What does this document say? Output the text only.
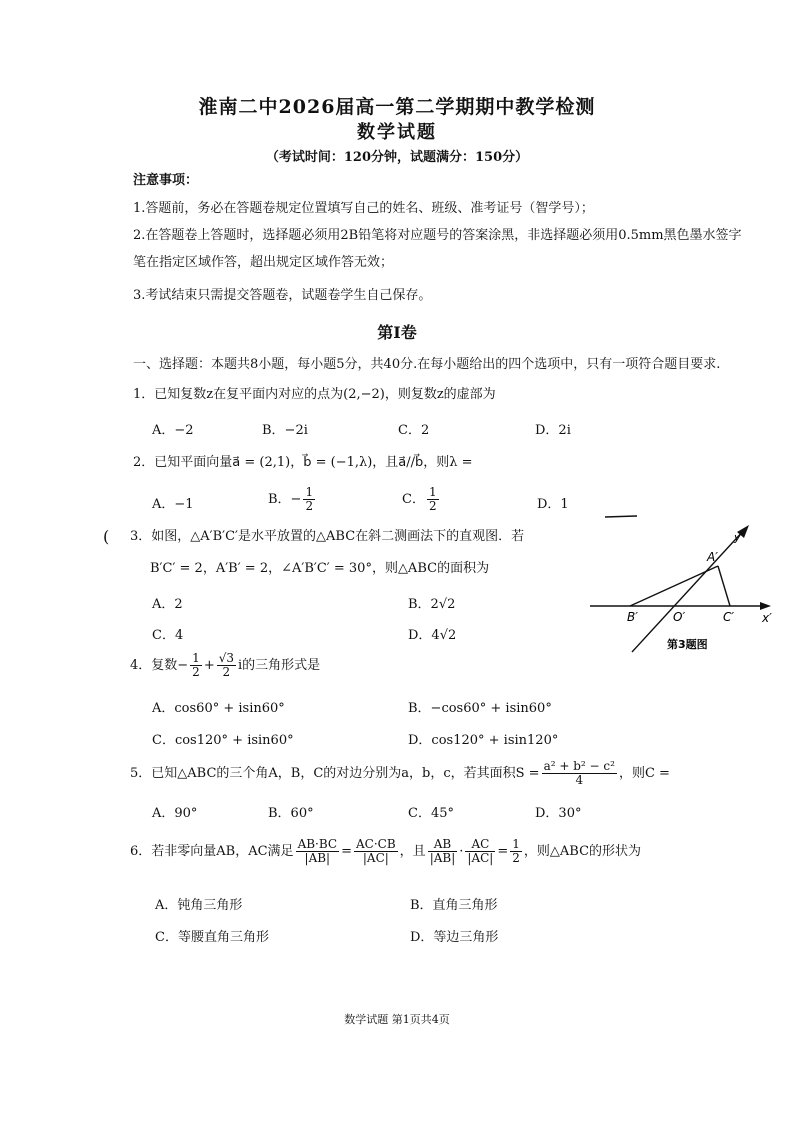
淮南二中2026届高一第二学期期中教学检测
数学试题
（考试时间：120分钟，试题满分：150分）
注意事项：
1.答题前，务必在答题卷规定位置填写自己的姓名、班级、准考证号（智学号）；
2.在答题卷上答题时，选择题必须用2B铅笔将对应题号的答案涂黑，非选择题必须用0.5mm黑色墨水签字
笔在指定区域作答，超出规定区域作答无效；
3.考试结束只需提交答题卷，试题卷学生自己保存。
第I卷
一、选择题：本题共8小题，每小题5分，共40分.在每小题给出的四个选项中，只有一项符合题目要求.
1．已知复数z在复平面内对应的点为(2,−2)，则复数z的虚部为
A．−2	B．−2i	C．2	D．2i
2．已知平面向量a⃗ = (2,1)，b⃗ = (−1,λ)，且a⃗//b⃗，则λ =
A．−1	B．− $\frac{1}{2}$	C． $\frac{1}{2}$	D．1
( 3．如图，△A′B′C′是水平放置的△ABC在斜二测画法下的直观图．若
B′C′ = 2，A′B′ = 2，∠A′B′C′ = 30°，则△ABC的面积为
A．2	B．2√2
C．4	D．4√2
y′
A′
B′	O′	C′ x′
第3题图
4．复数− $\frac{1}{2} + \frac{√3}{2}$ i的三角形式是
A．cos60° + isin60°	B．−cos60° + isin60°
C．cos120° + isin60°	D．cos120° + isin120°
5．已知△ABC的三个角A，B，C的对边分别为a，b，c，若其面积$S = \frac{\text{a² + b² − c²}}{4}$ ，则C =
A．90°	B．60°	C．45°	D．30°
6．若非零向量AB，AC满足 $\frac{AB\cdot BC}{|AB|} = \frac{AC\cdot CB}{|AC|}$ ，且 $\frac{AB}{|AB|} \cdot \frac{AC}{|AC|} = \frac{1}{2}$ ，则△ABC的形状为
A．钝角三角形	B．直角三角形
C．等腰直角三角形	D．等边三角形
数学试题 第1页共4页
